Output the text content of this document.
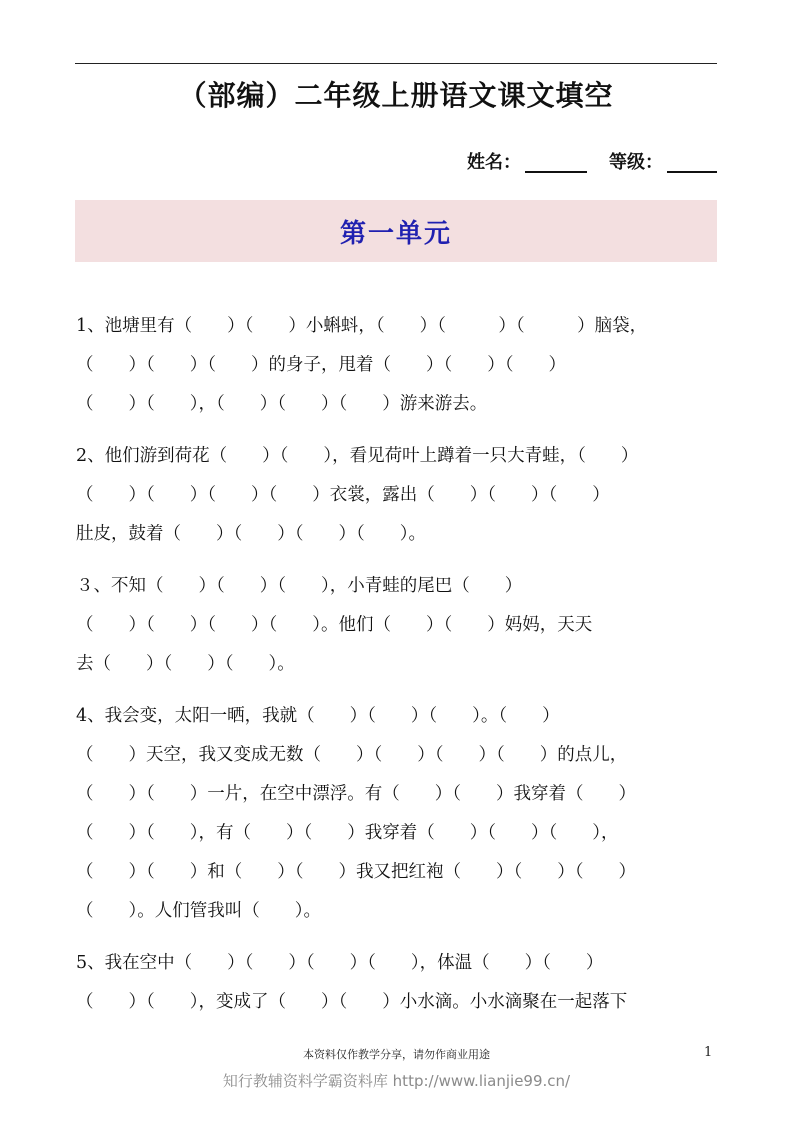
（部编）二年级上册语文课文填空
姓名：	等级：
第一单元
1、池塘里有（　　）（　　）小蝌蚪，（　　）（　　　）（　　　）脑袋，
（　　）（　　）（　　）的身子，甩着（　　）（　　）（　　）
（　　）（　　），（　　）（　　）（　　）游来游去。
2、他们游到荷花（　　）（　　），看见荷叶上蹲着一只大青蛙，（　　）
（　　）（　　）（　　）（　　）衣裳，露出（　　）（　　）（　　）
肚皮，鼓着（　　）（　　）（　　）（　　）。
３、不知（　　）（　　）（　　），小青蛙的尾巴（　　）
（　　）（　　）（　　）（　　）。他们（　　）（　　）妈妈，天天
去（　　）（　　）（　　）。
4、我会变，太阳一晒，我就（　　）（　　）（　　）。（　　）
（　　）天空，我又变成无数（　　）（　　）（　　）（　　）的点儿，
（　　）（　　）一片，在空中漂浮。有（　　）（　　）我穿着（　　）
（　　）（　　），有（　　）（　　）我穿着（　　）（　　）（　　），
（　　）（　　）和（　　）（　　）我又把红袍（　　）（　　）（　　）
（　　）。人们管我叫（　　）。
5、我在空中（　　）（　　）（　　）（　　），体温（　　）（　　）
（　　）（　　），变成了（　　）（　　）小水滴。小水滴聚在一起落下
本资料仅作教学分享，请勿作商业用途	1
知行教辅资料学霸资料库 http://www.lianjie99.cn/
